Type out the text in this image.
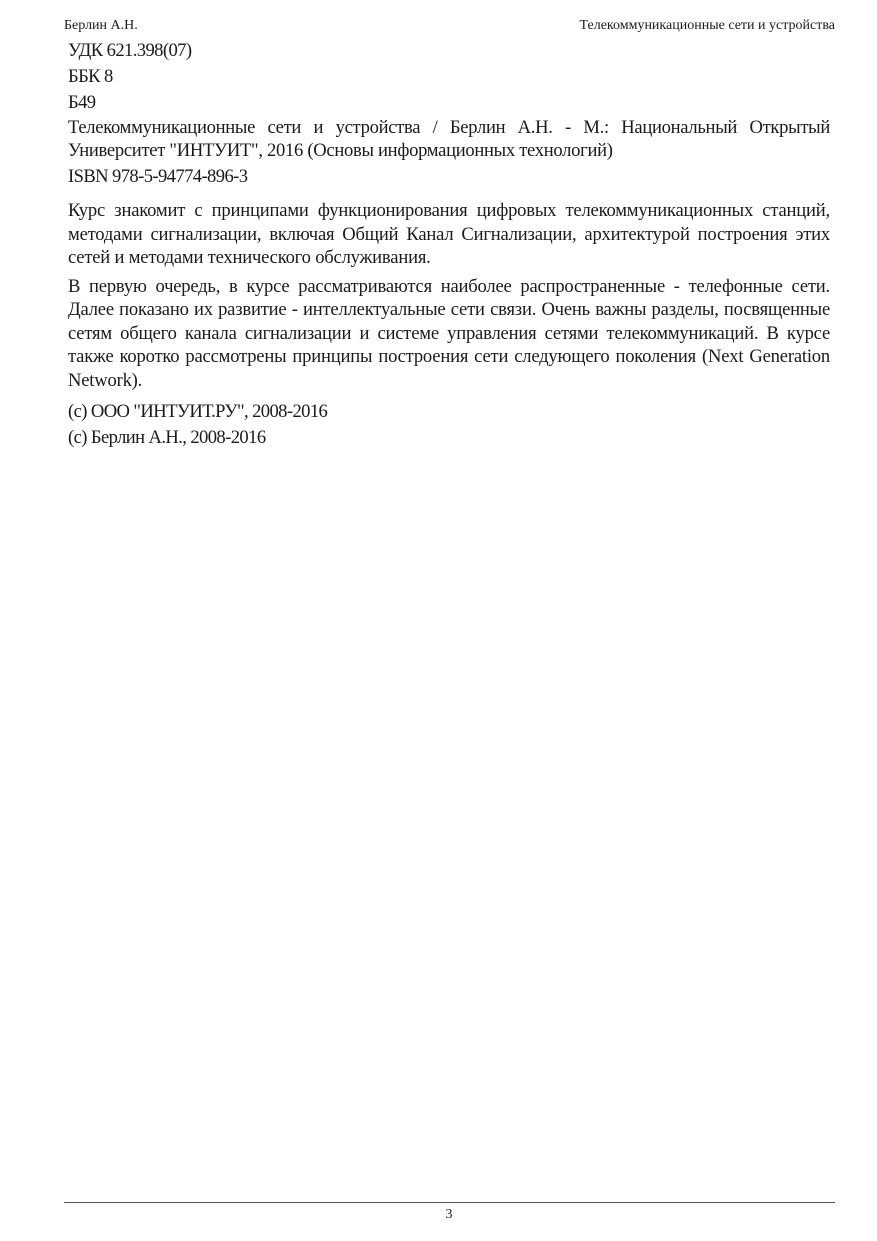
Берлин А.Н.	Телекоммуникационные сети и устройства

УДК 621.398(07)

ББК 8

Б49

Телекоммуникационные сети и устройства / Берлин А.Н. - М.: Национальный Открытый Университет "ИНТУИТ", 2016 (Основы информационных технологий)

ISBN 978-5-94774-896-3

Курс знакомит с принципами функционирования цифровых телекоммуникационных станций, методами сигнализации, включая Общий Канал Сигнализации, архитектурой построения этих сетей и методами технического обслуживания.

В первую очередь, в курсе рассматриваются наиболее распространенные - телефонные сети. Далее показано их развитие - интеллектуальные сети связи. Очень важны разделы, посвященные сетям общего канала сигнализации и системе управления сетями телекоммуникаций. В курсе также коротко рассмотрены принципы построения сети следующего поколения (Next Generation Network).

(c) ООО "ИНТУИТ.РУ", 2008-2016

(c) Берлин А.Н., 2008-2016

3
